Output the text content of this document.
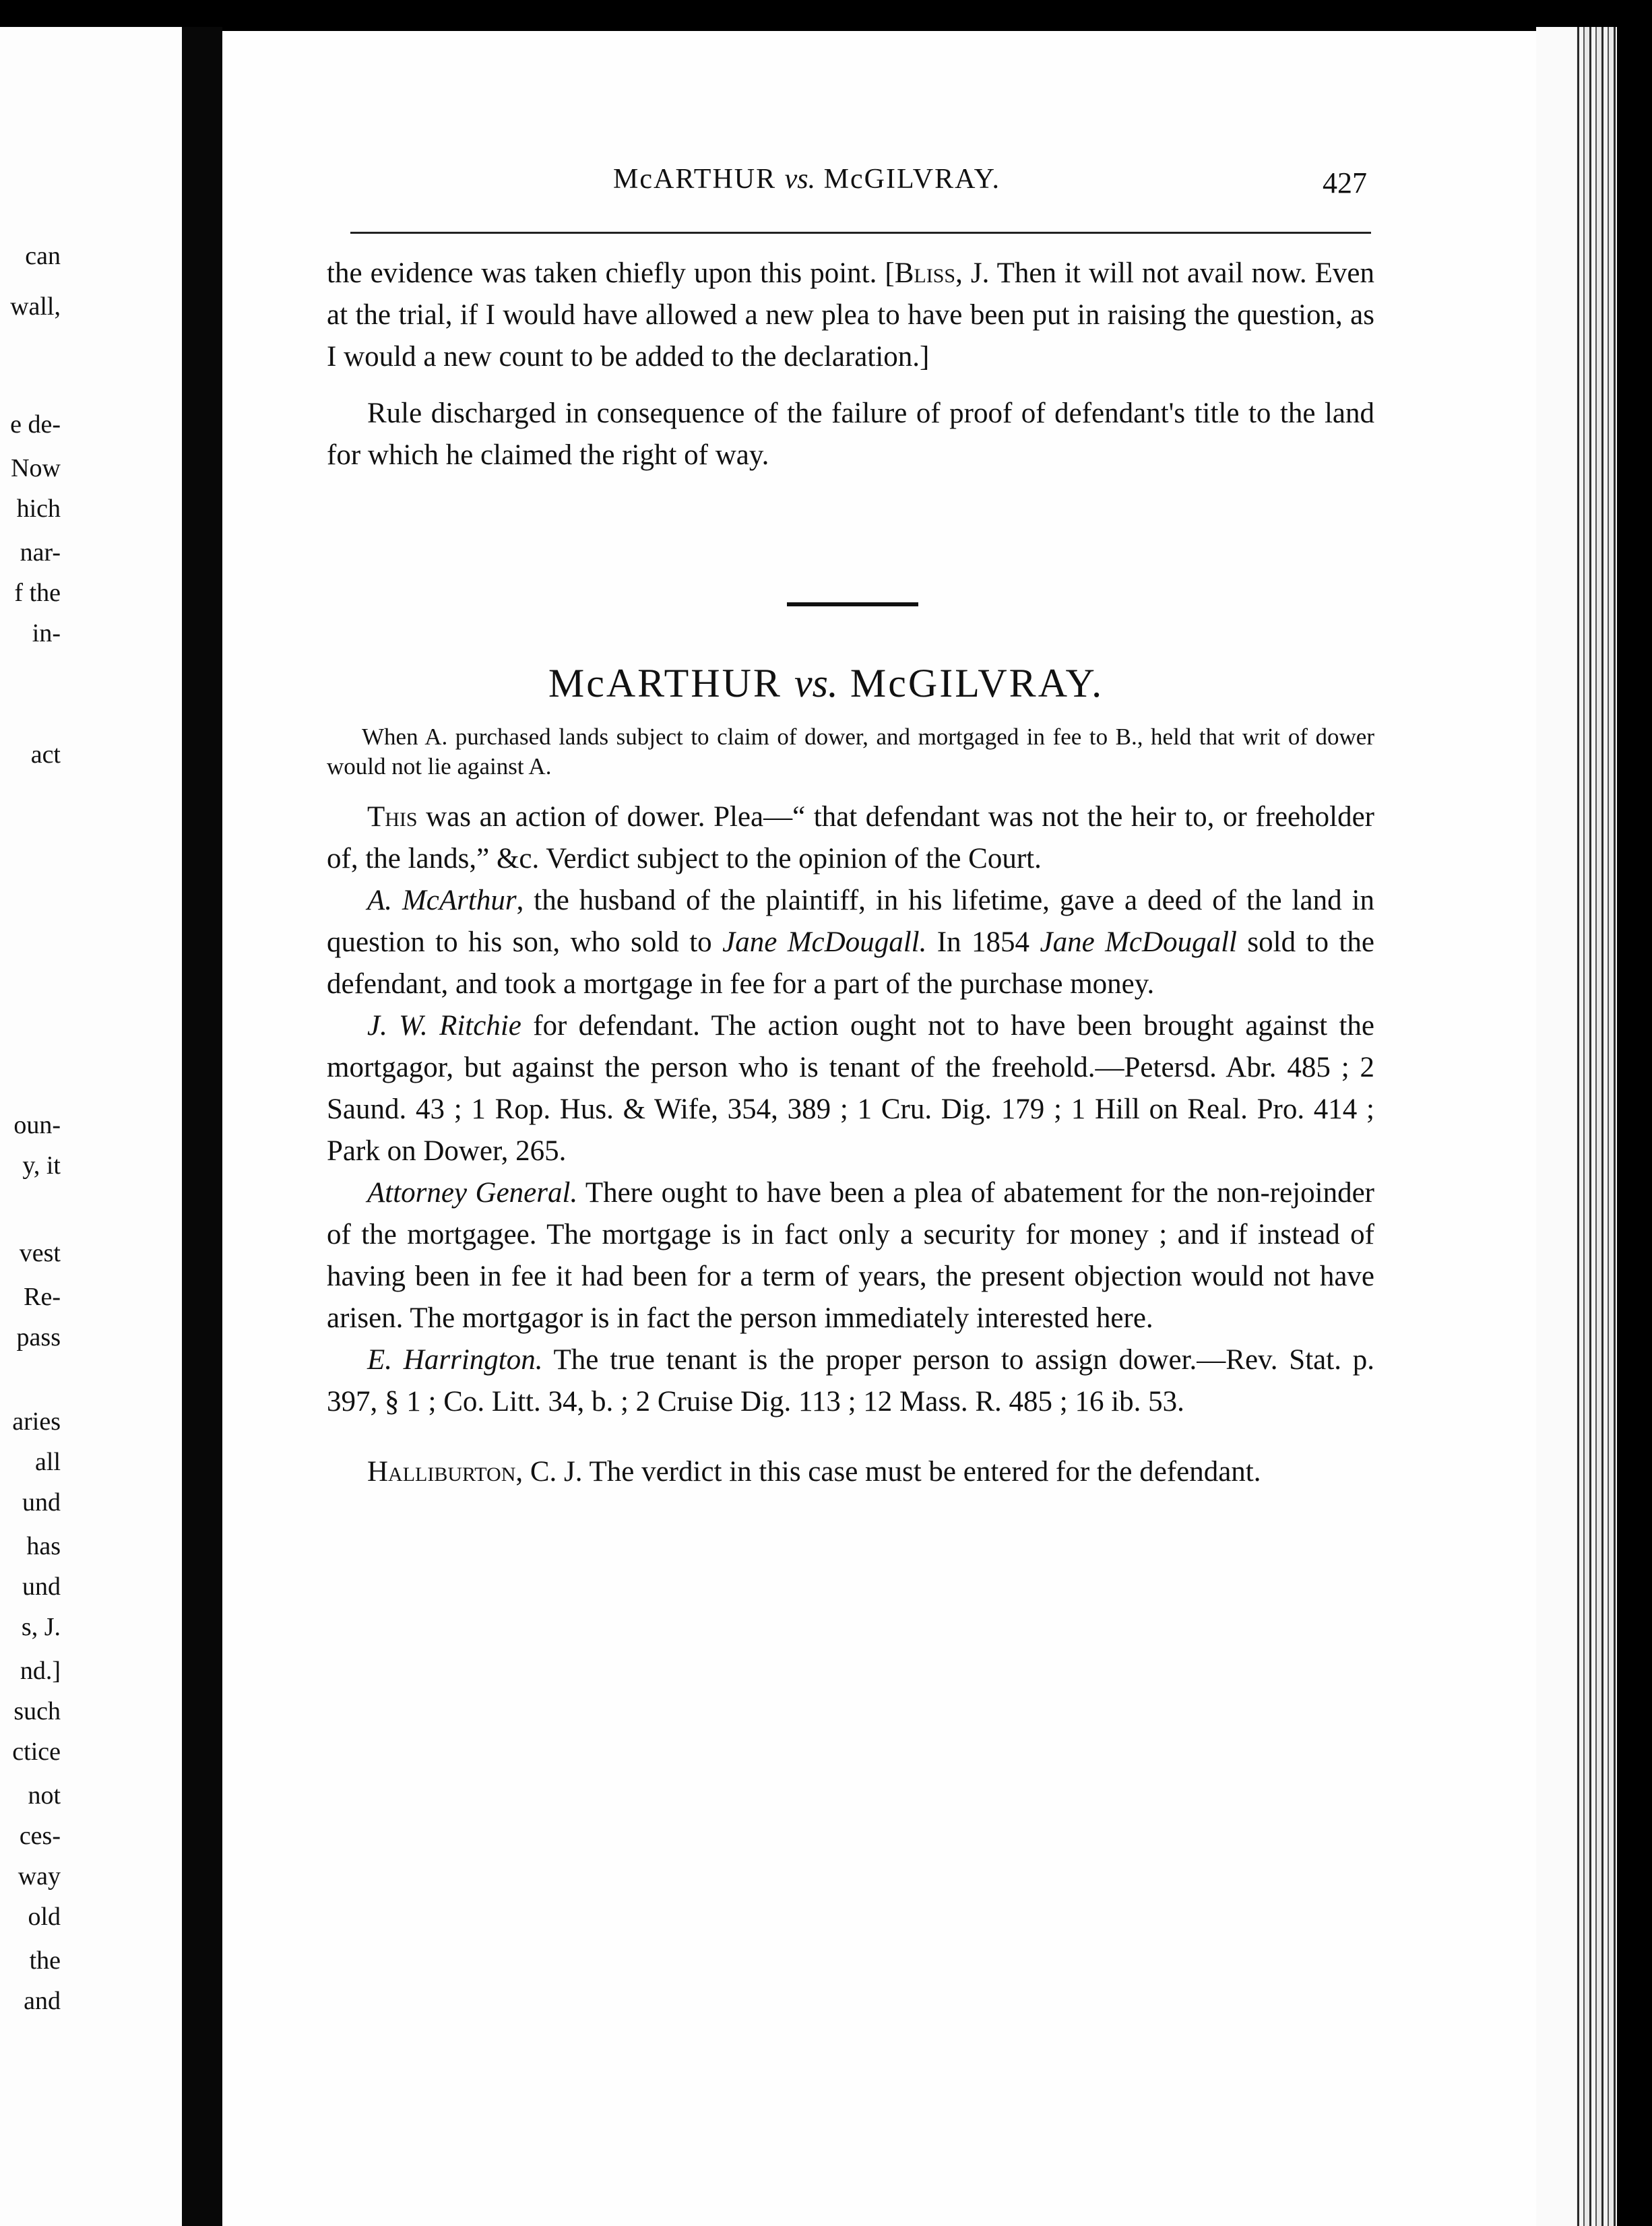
can
wall,
e de-
Now
hich
nar-
f the
in-
act
oun-
y, it
vest
Re-
pass
aries
all
und
has
und
s, J.
nd.]
such
ctice
not
ces-
way
old
the
and
McARTHUR vs. McGILVRAY.	427

the evidence was taken chiefly upon this point. [Bliss, J. Then it will not avail now. Even at the trial, if I would have allowed a new plea to have been put in raising the question, as I would a new count to be added to the declaration.]

Rule discharged in consequence of the failure of proof of defendant's title to the land for which he claimed the right of way.

McARTHUR vs. McGILVRAY.
When A. purchased lands subject to claim of dower, and mortgaged in fee to B., held that writ of dower would not lie against A.

This was an action of dower. Plea—“ that defendant was not the heir to, or freeholder of, the lands,” &c. Verdict subject to the opinion of the Court.

A. McArthur, the husband of the plaintiff, in his lifetime, gave a deed of the land in question to his son, who sold to Jane McDougall. In 1854 Jane McDougall sold to the defendant, and took a mortgage in fee for a part of the purchase money.

J. W. Ritchie for defendant. The action ought not to have been brought against the mortgagor, but against the person who is tenant of the freehold.—Petersd. Abr. 485 ; 2 Saund. 43 ; 1 Rop. Hus. & Wife, 354, 389 ; 1 Cru. Dig. 179 ; 1 Hill on Real. Pro. 414 ; Park on Dower, 265.

Attorney General. There ought to have been a plea of abatement for the non-rejoinder of the mortgagee. The mortgage is in fact only a security for money ; and if instead of having been in fee it had been for a term of years, the present objection would not have arisen. The mortgagor is in fact the person immediately interested here.

E. Harrington. The true tenant is the proper person to assign dower.—Rev. Stat. p. 397, § 1 ; Co. Litt. 34, b. ; 2 Cruise Dig. 113 ; 12 Mass. R. 485 ; 16 ib. 53.

Halliburton, C. J. The verdict in this case must be entered for the defendant.
